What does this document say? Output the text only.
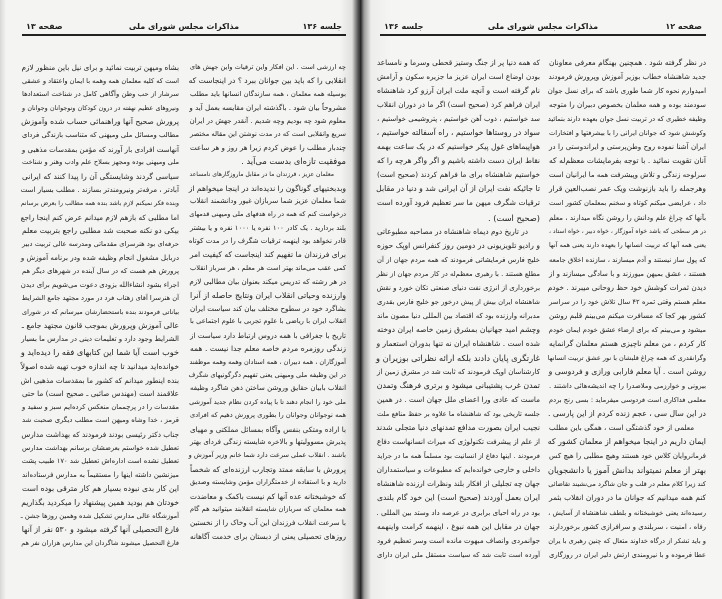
جلسه ۱۳۶
مذاکرات مجلس شورای ملی
صفحه ۱۳
بشاه ومیهن تربیت نمائید و برای نیل باین منظور لازم
است که کلیه معلمان همه وهمه با ایمان واعتقاد و عشقی
سرشار از حب وطن وآگاهی کامل در شناخت استعدادها
ونیروهای عظیم نهفته در درون کودکان ونوجوانان وجوانان و
پرورش صحیح آنها وراهنمائی حساب شده وآموزش
مطالب ومسائل ملی ومیهنی که متناسب بازندگی فردای
آنهاست افرادی بار آورند که مؤمن بمقدسات مذهبی و
ملی ومیهنی بوده ومجهز بسلاح علم وادب وهنر و شناخت
سیاسی گردند وشایستگی آن را پیدا کنند که ایرانی
آبادتر ، مرفه‌تر ونیرومندتر بسازند . مطلب بسیار است
وبنده فکر نمیکنم لازم باشد بنده همه مطالب را بعرض برسانم
اما مطلبی که بازهم لازم میدانم عرض کنم اینجا راجع
بیکی دو نکته صحبت شد مطلبی راجع بتربیت معلم
حرفه‌ای بود هنرسرای مقدماتی ومدرسه عالی تربیت دبیر
دربابل مشغول انجام وظیفه شده ودر برنامه آموزش و
پرورش هم هست که در سال آینده در شهرهای دیگر هم
اجراء بشود انشاءالله بزودی دعوت می‌شویم برای دیدن
آن هنرسرا آقای زهتاب فرد در مورد مجتهد جامع الشرایط
بیاناتی فرمودند بنده باستحضارشان میرسانم که در شورای
عالی آموزش وپرورش بموجب قانون مجتهد جامع ـ
الشرایط وجود دارد و تعلیمات دینی در مدارس ما بسیار
خوب است آیا شما این کتابهای فقه را دیده‌اید و
خوانده‌اید میدانید تا چه اندازه خوب تهیه شده اصولاً
بنده اینطور میدانم که کشور ما بمقدسات مذهبی اش
علاقمند است (مهندس صائبی ـ صحیح است) ما حتی
مقدسات را در پرچممان منعکس کرده‌ایم سبز و سفید و
قرمز ، خدا وشاه ومیهن است مطلب دیگری صحبت شد
جناب دکتر رئیسی بودند فرمودند که بهداشت مدارس
تعطیل شده خواستم بعرضشان برسانم بهداشت مدارس
تعطیل نشده است اداره‌اش تعطیل شد ۱۷۰ طبیب پشت
میزنشین داشته اینها را مستقیماً به مدارس فرستاده‌اند
این کار بدی نبوده بسیار هم کار مترقی بوده است
خودتان هم بودید همین پیشنهاد را میکردید بگذاریم
آموزشگاه عالی مدارس تشکیل شده وهمین روزها جشن ـ
فارغ التحصیلی آنها گرفته میشود و ۵۳۰ نفر از آنها
فارغ التحصیل میشوند شاگردان این مدارس هزاران نفر هم
چه ارزشی است . این افکار واین ترقیات واین جهش های
انقلابی را که باید بین جوانان ببرد ؟ در اینجاست که
بوسیله همه معلمان ، همه سازندگان انسانها باید مطلب
مشروحاً بیان شود . باگذشته ایران مقایسه بعمل آید و
معلوم شود چه بودیم وچه شدیم . آنقدر جهش در ایران
سریع وانقلابی است که در مدت نوشتن این مقاله مختصر
چندبار مطلب را عوض کردم زیرا هر روز و هر ساعت
موفقیت تازه‌ای بدست می‌آید .
معلمان عزیز ، فرزندان ما در مقابل ماروزگارهای نامساعد
وبدبختیهای گوناگون را ندیده‌اند در اینجا میخواهم از
شما معلمان عزیز شما سربازان غیور ودانشمند انقلاب
درخواست کنم که همه در راه هدفهای ملی ومیهنی قدمهای
بلند بردارید . یک کادر ۱۰۰ نفره یا ۱۰۰۰ نفره و یا بیشتر
قادر نخواهد بود اینهمه ترقیات شگرف را در مدت کوتاه
برای فرزندان ما تفهیم کند اینجاست که کیفیت امر
کمی عقب می‌ماند بهتر است هر معلم ، هر سرباز انقلاب
در هر رشته که تدریس میکند بعنوان بیان مطالبی لازم
وارزنده وحیاتی انقلاب ایران ونتایج حاصله از آنرا
بشاگرد خود در سطوح مختلف بیان کند سیاست ایران
انقلاب ایران با ریاضی با علوم تجربی با علوم اجتماعی با
تاریخ با جغرافی با همه دروس ارتباط دارد سیاست از
زندگی روزمره مردم خاصه معلم جدا نیست . همه
آموزگاران ، همه دبیران ، همه استادان وهمه وهمه موظفند
در این وظیفه ملی ومیهنی یعنی تفهیم دگرگونیهای شگرف
انقلاب بابیان حقایق وروشن ساختن ذهن شاگرد وظیفه
ملی خود را انجام دهند تا با پیاده کردن نظام جدید آموزشی
همه نوجوانان وجوانان را بطوری پرورش دهیم که افرادی
با اراده ومتکی بنفس وآگاه بمسائل مملکتی و مهیای
پذیرش مسوولیتها و بالاخره شایسته زندگی فردای بهتر
باشند . انقلاب عملی سرعت دارد شما خانم وزیر آموزش و
پرورش با سابقه ممتد وتجارب ارزنده‌ای که شخصاً
دارید و با استفاده از خدمتگزاران مؤمن وشایسته وصدیق
که خوشبختانه عده آنها کم نیست باکمک و معاضدت
همه معلمان که سربازان شایسته انقلابند میتوانید هم گام
با سرعت انقلاب فرزندان این آب وخاک را از نخستین
روزهای تحصیلی یعنی از دبستان برای خدمت آگاهانه
صفحه ۱۲
مذاکرات مجلس شورای ملی
جلسه ۱۳۶
که همه دنیا پر از جنگ وستیز قحطی وسرما و نامساعد
بودن اوضاع است ایران عزیز ما جزیره سکون و آرامش
نام گرفته است و آنچه ملت ایران آرزو کرد شاهنشاه
ایران فراهم کرد (صحیح است) اگر ما در دوران انقلاب
سد خواستیم ، ذوب آهن خواستیم ، پتروشیمی خواستیم ،
سواد در روستاها خواستیم ، راه آسفالته خواستیم ،
هواپیماهای غول پیکر خواستیم که در یک ساعت بهمه
نقاط ایران دست داشته باشیم و اگر واگر هرچه را که
خواستیم شاهنشاه برای ما فراهم کردند (صحیح است)
تا جائیکه نفت ایران از آن ایرانی شد و دنیا در مقابل
ترقیات شگرف میهن ما سر تعظیم فرود آورده است
(صحیح است) .
در تاریخ دوم دیماه شاهنشاه در مصاحبه مطبوعاتی
و رادیو تلویزیونی در دومین روز کنفرانس اوپک حوزه
خلیج فارس فرمایشاتی فرمودند که همه مردم جهان از آن
مطلع هستند . با رهبری معظم‌له در کار مردم جهان از نظر
برخورداری از انرژی نفت دنیای صنعتی تکان خورد و نقش
شاهنشاه ایران بیش از پیش درخور جو خلیج فارس بقدری
مدبرانه وارزنده بود که اقتصاد بین المللی دنیا مصون ماند
وچشم امید جهانیان بمشرق زمین خاصه ایران دوخته
شده است . شاهنشاه ایران نه تنها بدوران استعمار و
غارتگری پایان دادند بلکه ارائه نظراتی بوزیران و
کارشناسان اوپک فرمودند که ثابت شد در مشرق زمین از
تمدن غرب پشتیبانی میشود و برتری فرهنگ وتمدن
ماست که عادی ورا اعضای ملل جهان است . در همین
جلسه تاریخی بود که شاهنشاه ما علاوه بر حفظ منافع ملت
نجیب ایران بصورت مدافع تمدنهای دنیا متجلی شدند
از علم از پیشرفت تکنولوژی که میراث انسانهاست دفاع
فرمودند . اینها دفاع از انسانیت بود مسلماً همه ما در جراید
داخلی و خارجی خوانده‌ایم که مطبوعات و سیاستمداران
جهان چه تجلیلی از افکار بلند ونظرات ارزنده شاهنشاه
ایران بعمل آوردند (صحیح است) این خود گام بلندی
بود در راه احیای برابری در عرصه داد وستد بین المللی .
جهان در مقابل این همه نبوغ ، اینهمه کرامت واینهمه
جوانمردی وانصاف مبهوت مانده است وسر تعظیم فرود
آورده است ثابت شد که سیاست مستقل ملی ایران دارای
در نظر گرفته شود . همچنین بهنگام معرفی معاونان
جدید شاهنشاه خطاب بوزیر آموزش وپرورش فرمودند
امیدوارم نحوه کار شما طوری باشد که برای نسل جوان
سودمند بوده و همه معلمان بخصوص دبیران را متوجه
وظیفه خطیری که در تربیت نسل جوان بعهده دارند بنمائید
وکوشش شود که جوانان ایرانی را با بیشرفتها و افتخارات
ایران آشنا نموده روح وطن‌پرستی و ایراندوستی را در
آنان تقویت نمائید . با توجه بفرمایشات معظم‌له که
سرلوحه زندگی و تلاش وپیشرفت همه ما ایرانیان است
وهرجمله را باید بازنوشت ویک عمر نصب‌العین قرار
داد ، عرایضی میکنم کوتاه و سخنم بمعلمان کشور است
بآنها که چراغ علم ودانش را روشن نگاه میدارند ، معلم
در هر سطحی که باشد خواه آموزگار ، خواه دبیر ، خواه استاد ،
یعنی همه آنها که تربیت انسانها را بعهده دارند یعنی همه آنها
که پول ساز نیستند و آدم میسازند ، سازنده اخلاق جامعه
هستند ، عشق بمیهن میورزند و با سادگی میسازند و از
دیدن ثمرات کوشش خود حظ روحانی میبرند . خودم
معلم هستم وقتی ثمره ۴۲ سال تلاش خود را در سراسر
کشور بهر کجا که مسافرت میکنم می‌بینم قلبم روشن
میشود و می‌بینم که برای ارضاء عشق خودم ایمان خودم
کار کردم ، من معلم ناچیزی هستم معلمان گرانمایه
وگرانقدری که همه چراغ قلبشان با نور عشق تربیت انسانها
روشن است . آیا معلم فارابی ورازی و فردوسی و
بیرونی و خوارزمی وملاصدرا را چه اندیشه‌هائی داشتند .
معلمی فداکاری است فردوسی میفرماید : بسی رنج بردم
در این سال سی ، عجم زنده کردم از این پارسی .
معلمی از خود گذشتگی است ، همگی باین مطلب
ایمان داریم در اینجا میخواهم از معلمان کشور که
فرمانروایان کلاس خود هستند وهیچ مطلبی را هیچ کس
بهتر از معلم نمیتواند بدانش آموز یا دانشجویان
کند زیرا کلام معلم در قلب و جان شاگرد می‌نشیند تقاضائی
کنم همه میدانیم که جوانان ما در دوران انقلاب بثمر
رسیده‌اند یعنی خوشبختانه و بلطف شاهنشاه از آسایش ،
رفاه ، امنیت ، سربلندی و سرافرازی کشور برخوردارند
و باید تشکر از درگاه خداوند متعال که چنین رهبری با یران
عطا فرموده و با نیرومندی ارتش دلیر ایران در روزگاری
